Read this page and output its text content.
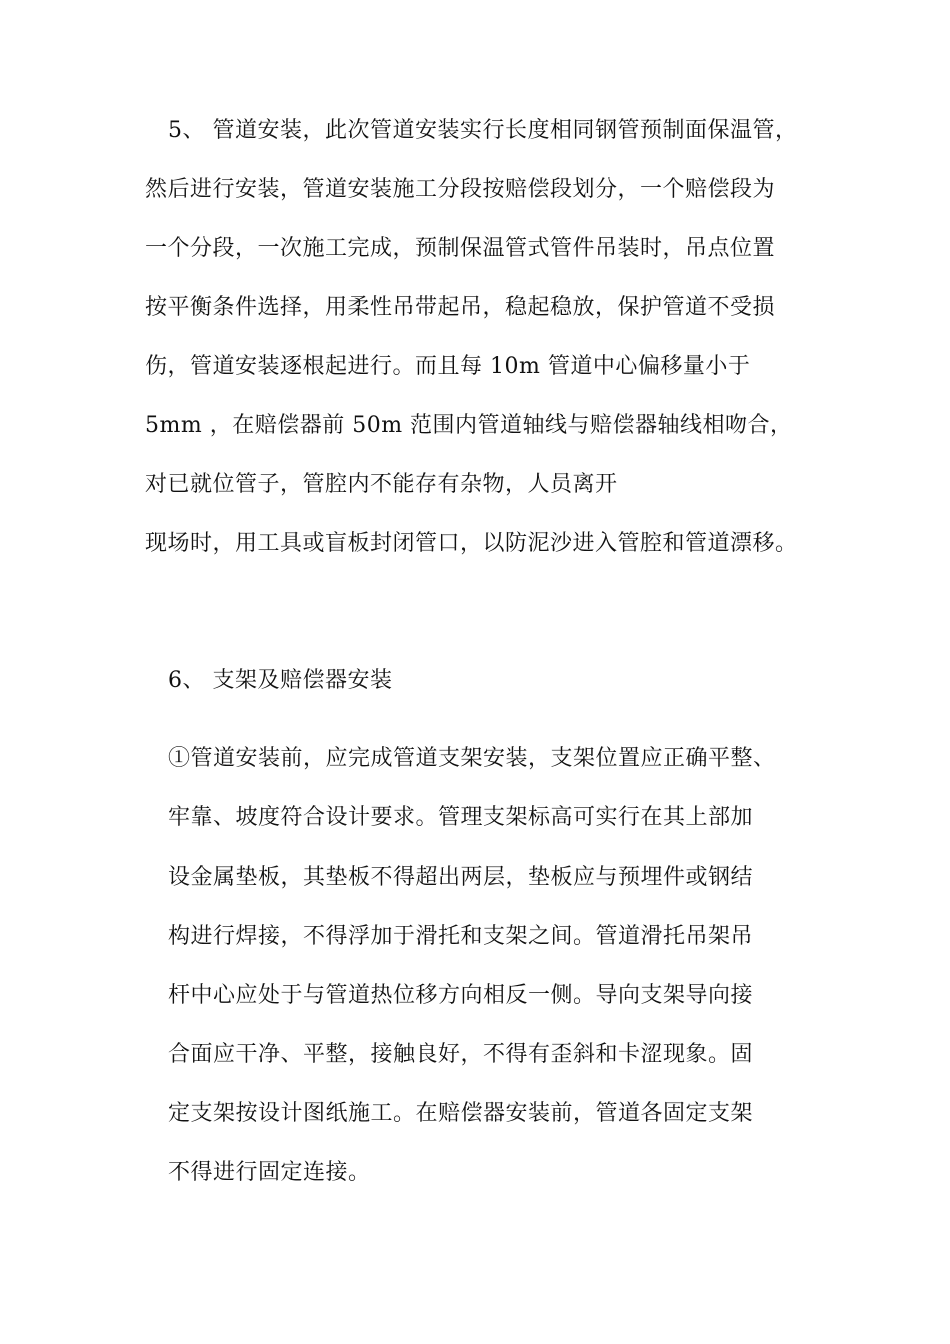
5、 管道安装，此次管道安装实行长度相同钢管预制面保温管，
然后进行安装，管道安装施工分段按赔偿段划分，一个赔偿段为
一个分段，一次施工完成，预制保温管式管件吊装时，吊点位置
按平衡条件选择，用柔性吊带起吊，稳起稳放，保护管道不受损
伤，管道安装逐根起进行。而且每 10m 管道中心偏移量小于
5mm ，在赔偿器前 50m 范围内管道轴线与赔偿器轴线相吻合，
对已就位管子，管腔内不能存有杂物，人员离开
现场时，用工具或盲板封闭管口，以防泥沙进入管腔和管道漂移。
6、 支架及赔偿器安装
①管道安装前，应完成管道支架安装，支架位置应正确平整、
牢靠、坡度符合设计要求。管理支架标高可实行在其上部加
设金属垫板，其垫板不得超出两层，垫板应与预埋件或钢结
构进行焊接，不得浮加于滑托和支架之间。管道滑托吊架吊
杆中心应处于与管道热位移方向相反一侧。导向支架导向接
合面应干净、平整，接触良好，不得有歪斜和卡涩现象。固
定支架按设计图纸施工。在赔偿器安装前，管道各固定支架
不得进行固定连接。
